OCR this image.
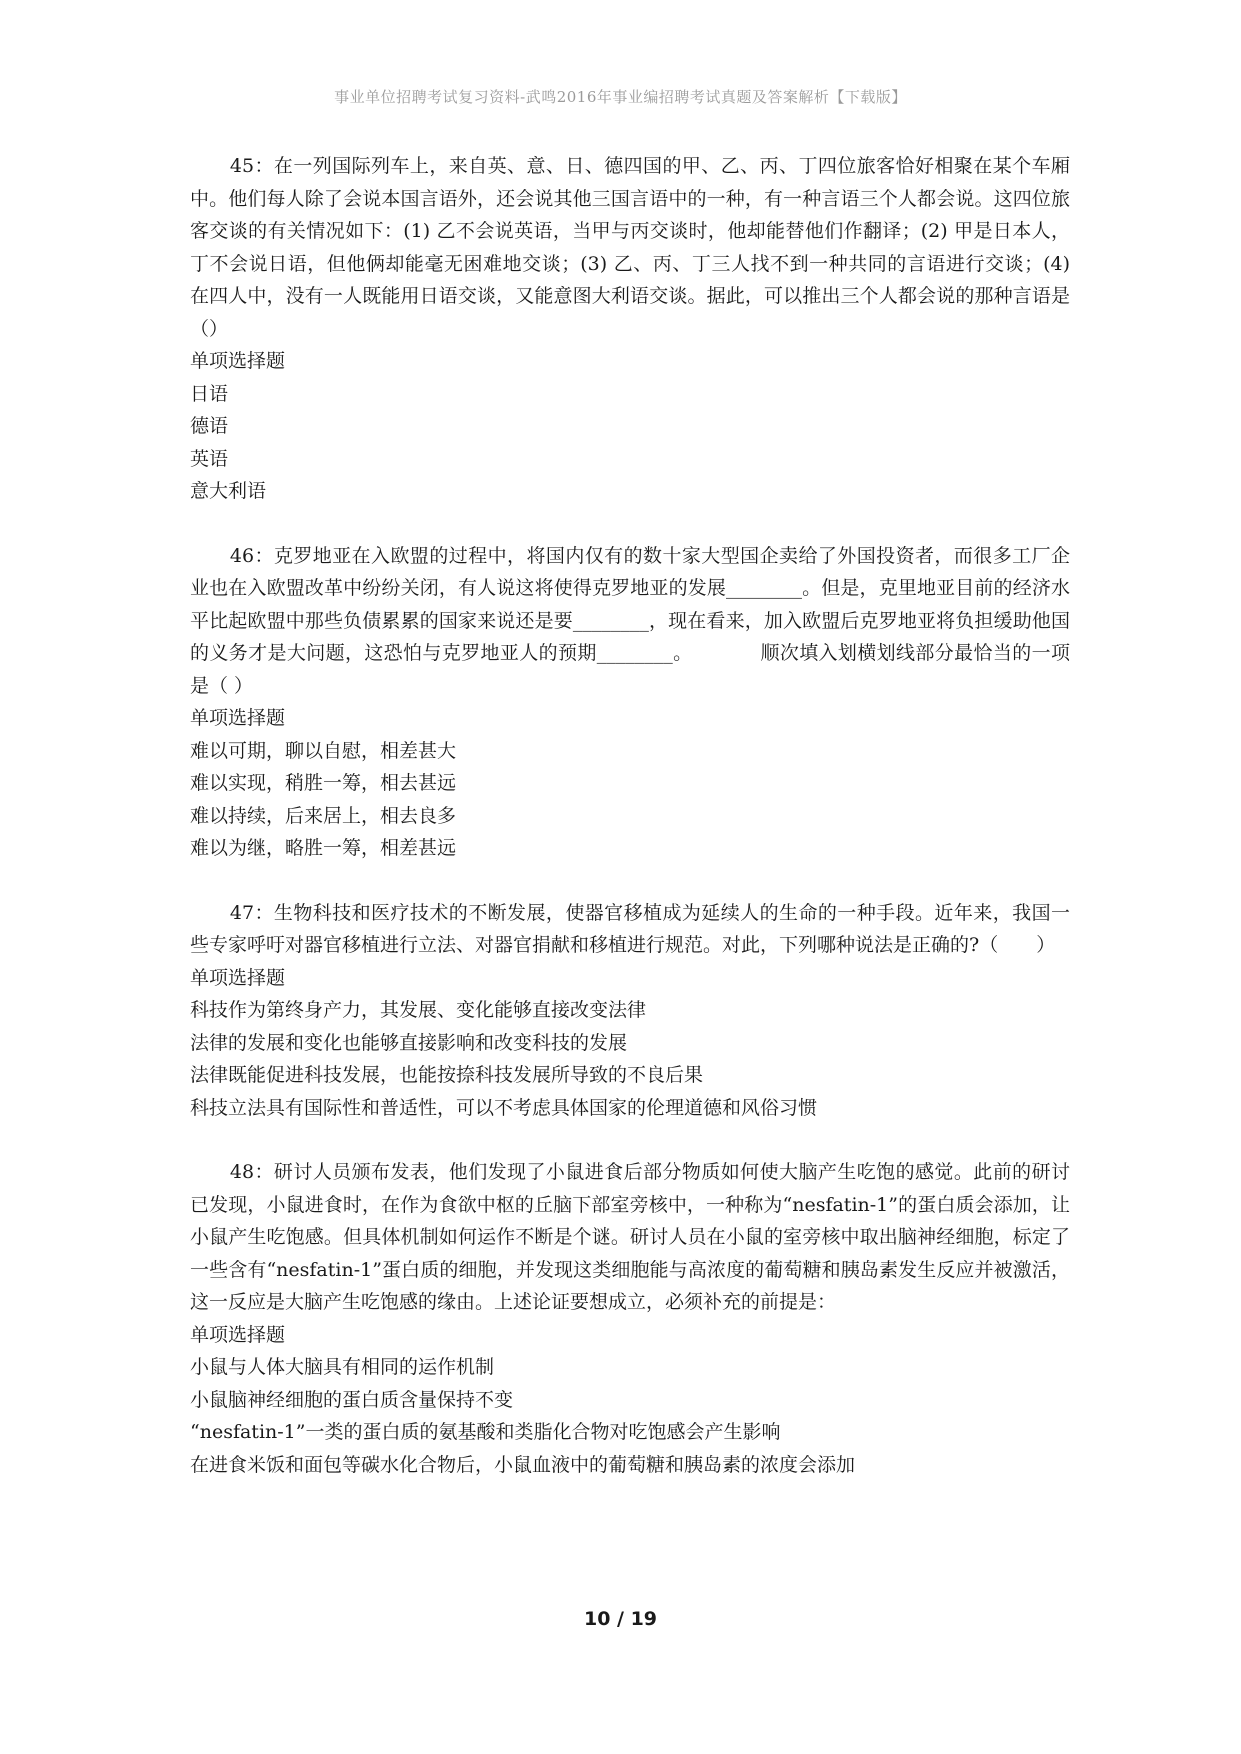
事业单位招聘考试复习资料-武鸣2016年事业编招聘考试真题及答案解析【下载版】

45：在一列国际列车上，来自英、意、日、德四国的甲、乙、丙、丁四位旅客恰好相聚在某个车厢中。他们每人除了会说本国言语外，还会说其他三国言语中的一种，有一种言语三个人都会说。这四位旅客交谈的有关情况如下：(1) 乙不会说英语，当甲与丙交谈时，他却能替他们作翻译；(2) 甲是日本人，丁不会说日语，但他俩却能毫无困难地交谈；(3) 乙、丙、丁三人找不到一种共同的言语进行交谈；(4) 在四人中，没有一人既能用日语交谈，又能意图大利语交谈。据此，可以推出三个人都会说的那种言语是（）

单项选择题

日语
德语
英语
意大利语

46：克罗地亚在入欧盟的过程中，将国内仅有的数十家大型国企卖给了外国投资者，而很多工厂企业也在入欧盟改革中纷纷关闭，有人说这将使得克罗地亚的发展________。但是，克里地亚目前的经济水平比起欧盟中那些负债累累的国家来说还是要________，现在看来，加入欧盟后克罗地亚将负担缓助他国的义务才是大问题，这恐怕与克罗地亚人的预期________。　　　　顺次填入划横划线部分最恰当的一项是（ ）

单项选择题

难以可期，聊以自慰，相差甚大
难以实现，稍胜一筹，相去甚远
难以持续，后来居上，相去良多
难以为继，略胜一筹，相差甚远

47：生物科技和医疗技术的不断发展，使器官移植成为延续人的生命的一种手段。近年来，我国一些专家呼吁对器官移植进行立法、对器官捐献和移植进行规范。对此，下列哪种说法是正确的?（　　）

单项选择题

科技作为第终身产力，其发展、变化能够直接改变法律
法律的发展和变化也能够直接影响和改变科技的发展
法律既能促进科技发展，也能按捺科技发展所导致的不良后果
科技立法具有国际性和普适性，可以不考虑具体国家的伦理道德和风俗习惯

48：研讨人员颁布发表，他们发现了小鼠进食后部分物质如何使大脑产生吃饱的感觉。此前的研讨已发现，小鼠进食时，在作为食欲中枢的丘脑下部室旁核中，一种称为“nesfatin-1”的蛋白质会添加，让小鼠产生吃饱感。但具体机制如何运作不断是个谜。研讨人员在小鼠的室旁核中取出脑神经细胞，标定了一些含有“nesfatin-1”蛋白质的细胞，并发现这类细胞能与高浓度的葡萄糖和胰岛素发生反应并被激活，这一反应是大脑产生吃饱感的缘由。上述论证要想成立，必须补充的前提是：

单项选择题

小鼠与人体大脑具有相同的运作机制
小鼠脑神经细胞的蛋白质含量保持不变
“nesfatin-1”一类的蛋白质的氨基酸和类脂化合物对吃饱感会产生影响
在进食米饭和面包等碳水化合物后，小鼠血液中的葡萄糖和胰岛素的浓度会添加
10 / 19
